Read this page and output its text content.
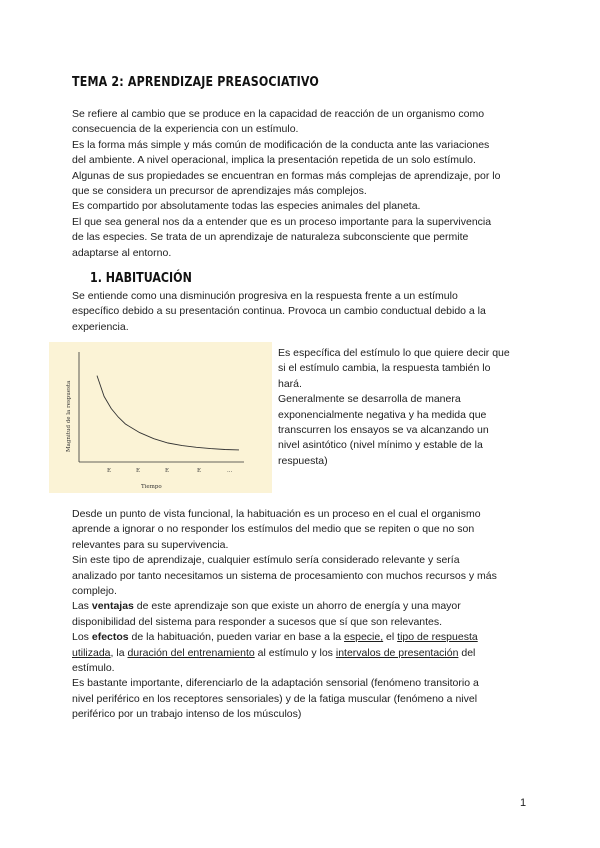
TEMA 2: APRENDIZAJE PREASOCIATIVO

Se refiere al cambio que se produce en la capacidad de reacción de un organismo como

consecuencia de la experiencia con un estímulo.

Es la forma más simple y más común de modificación de la conducta ante las variaciones

del ambiente. A nivel operacional, implica la presentación repetida de un solo estímulo.

Algunas de sus propiedades se encuentran en formas más complejas de aprendizaje, por lo

que se considera un precursor de aprendizajes más complejos.

Es compartido por absolutamente todas las especies animales del planeta.

El que sea general nos da a entender que es un proceso importante para la supervivencia

de las especies. Se trata de un aprendizaje de naturaleza subconsciente que permite

adaptarse al entorno.

1. HABITUACIÓN

Se entiende como una disminución progresiva en la respuesta frente a un estímulo

específico debido a su presentación continua. Provoca un cambio conductual debido a la

experiencia.

Magnitud de la respuesta
Tiempo
E	E	E	E	...

Es específica del estímulo lo que quiere decir que

si el estímulo cambia, la respuesta también lo

hará.

Generalmente se desarrolla de manera

exponencialmente negativa y ha medida que

transcurren los ensayos se va alcanzando un

nivel asintótico (nivel mínimo y estable de la

respuesta)

Desde un punto de vista funcional, la habituación es un proceso en el cual el organismo

aprende a ignorar o no responder los estímulos del medio que se repiten o que no son

relevantes para su supervivencia.

Sin este tipo de aprendizaje, cualquier estímulo sería considerado relevante y sería

analizado por tanto necesitamos un sistema de procesamiento con muchos recursos y más

complejo.

Las ventajas de este aprendizaje son que existe un ahorro de energía y una mayor

disponibilidad del sistema para responder a sucesos que sí que son relevantes.

Los efectos de la habituación, pueden variar en base a la especie, el tipo de respuesta

utilizada, la duración del entrenamiento al estímulo y los intervalos de presentación del

estímulo.

Es bastante importante, diferenciarlo de la adaptación sensorial (fenómeno transitorio a

nivel periférico en los receptores sensoriales) y de la fatiga muscular (fenómeno a nivel

periférico por un trabajo intenso de los músculos)

1
